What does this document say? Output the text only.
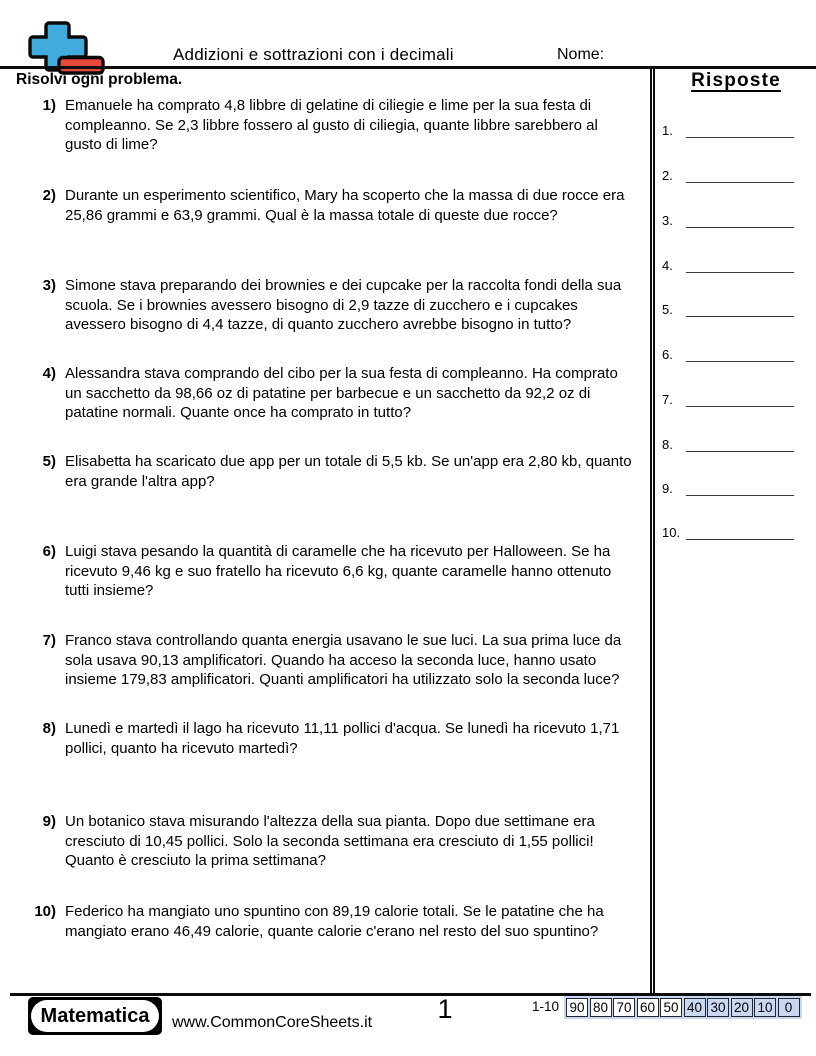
Addizioni e sottrazioni con i decimali	Nome:
Risolvi ogni problema.
1) Emanuele ha comprato 4,8 libbre di gelatine di ciliegie e lime per la sua festa di compleanno. Se 2,3 libbre fossero al gusto di ciliegia, quante libbre sarebbero al gusto di lime?
2) Durante un esperimento scientifico, Mary ha scoperto che la massa di due rocce era 25,86 grammi e 63,9 grammi. Qual è la massa totale di queste due rocce?
3) Simone stava preparando dei brownies e dei cupcake per la raccolta fondi della sua scuola. Se i brownies avessero bisogno di 2,9 tazze di zucchero e i cupcakes avessero bisogno di 4,4 tazze, di quanto zucchero avrebbe bisogno in tutto?
4) Alessandra stava comprando del cibo per la sua festa di compleanno. Ha comprato un sacchetto da 98,66 oz di patatine per barbecue e un sacchetto da 92,2 oz di patatine normali. Quante once ha comprato in tutto?
5) Elisabetta ha scaricato due app per un totale di 5,5 kb. Se un'app era 2,80 kb, quanto era grande l'altra app?
6) Luigi stava pesando la quantità di caramelle che ha ricevuto per Halloween. Se ha ricevuto 9,46 kg e suo fratello ha ricevuto 6,6 kg, quante caramelle hanno ottenuto tutti insieme?
7) Franco stava controllando quanta energia usavano le sue luci. La sua prima luce da sola usava 90,13 amplificatori. Quando ha acceso la seconda luce, hanno usato insieme 179,83 amplificatori. Quanti amplificatori ha utilizzato solo la seconda luce?
8) Lunedì e martedì il lago ha ricevuto 11,11 pollici d'acqua. Se lunedì ha ricevuto 1,71 pollici, quanto ha ricevuto martedì?
9) Un botanico stava misurando l'altezza della sua pianta. Dopo due settimane era cresciuto di 10,45 pollici. Solo la seconda settimana era cresciuto di 1,55 pollici! Quanto è cresciuto la prima settimana?
10) Federico ha mangiato uno spuntino con 89,19 calorie totali. Se le patatine che ha mangiato erano 46,49 calorie, quante calorie c'erano nel resto del suo spuntino?
Risposte
1.
2.
3.
4.
5.
6.
7.
8.
9.
10.
Matematica	www.CommonCoreSheets.it	1	1-10 90 80 70 60 50 40 30 20 10 0
